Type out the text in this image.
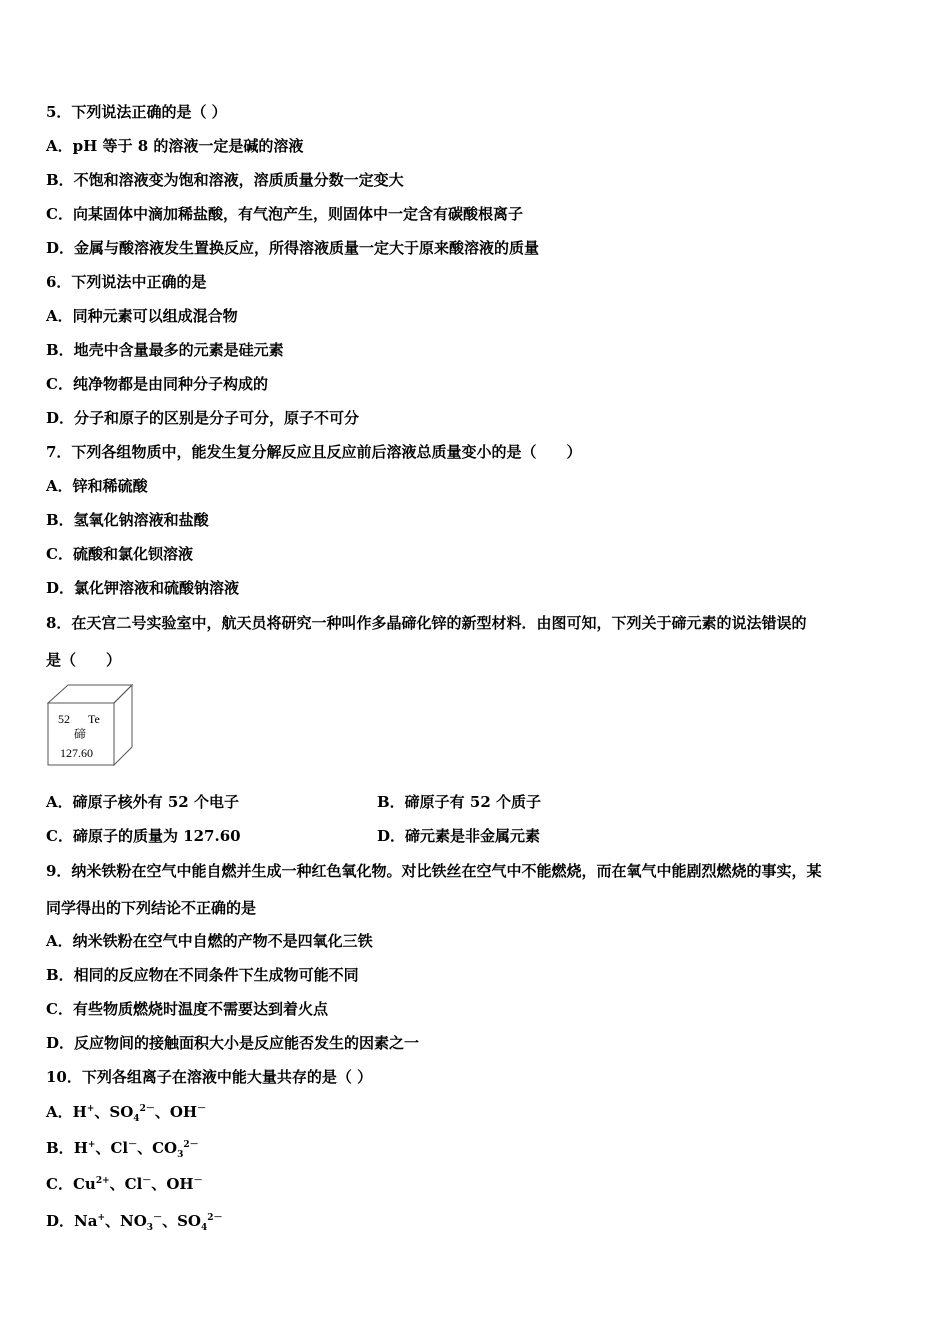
5．下列说法正确的是（ ）
A．pH 等于 8 的溶液一定是碱的溶液
B．不饱和溶液变为饱和溶液，溶质质量分数一定变大
C．向某固体中滴加稀盐酸，有气泡产生，则固体中一定含有碳酸根离子
D．金属与酸溶液发生置换反应，所得溶液质量一定大于原来酸溶液的质量
6．下列说法中正确的是
A．同种元素可以组成混合物
B．地壳中含量最多的元素是硅元素
C．纯净物都是由同种分子构成的
D．分子和原子的区别是分子可分，原子不可分
7．下列各组物质中，能发生复分解反应且反应前后溶液总质量变小的是（　　）
A．锌和稀硫酸
B．氢氧化钠溶液和盐酸
C．硫酸和氯化钡溶液
D．氯化钾溶液和硫酸钠溶液
8．在天宫二号实验室中，航天员将研究一种叫作多晶碲化锌的新型材料．由图可知，下列关于碲元素的说法错误的
是（　　）
52 Te
碲
127.60
A．碲原子核外有 52 个电子	B．碲原子有 52 个质子
C．碲原子的质量为 127.60	D．碲元素是非金属元素
9．纳米铁粉在空气中能自燃并生成一种红色氧化物。对比铁丝在空气中不能燃烧，而在氧气中能剧烈燃烧的事实，某
同学得出的下列结论不正确的是
A．纳米铁粉在空气中自燃的产物不是四氧化三铁
B．相同的反应物在不同条件下生成物可能不同
C．有些物质燃烧时温度不需要达到着火点
D．反应物间的接触面积大小是反应能否发生的因素之一
10．下列各组离子在溶液中能大量共存的是（ ）
A．H+、$SO_4^{2-}$、OH－
B．H+、Cl－、$CO_3^{2-}$
C．$Cu^{2+}$、Cl－、OH－
D．Na+、$NO_3^-$、$SO_4^{2-}$
